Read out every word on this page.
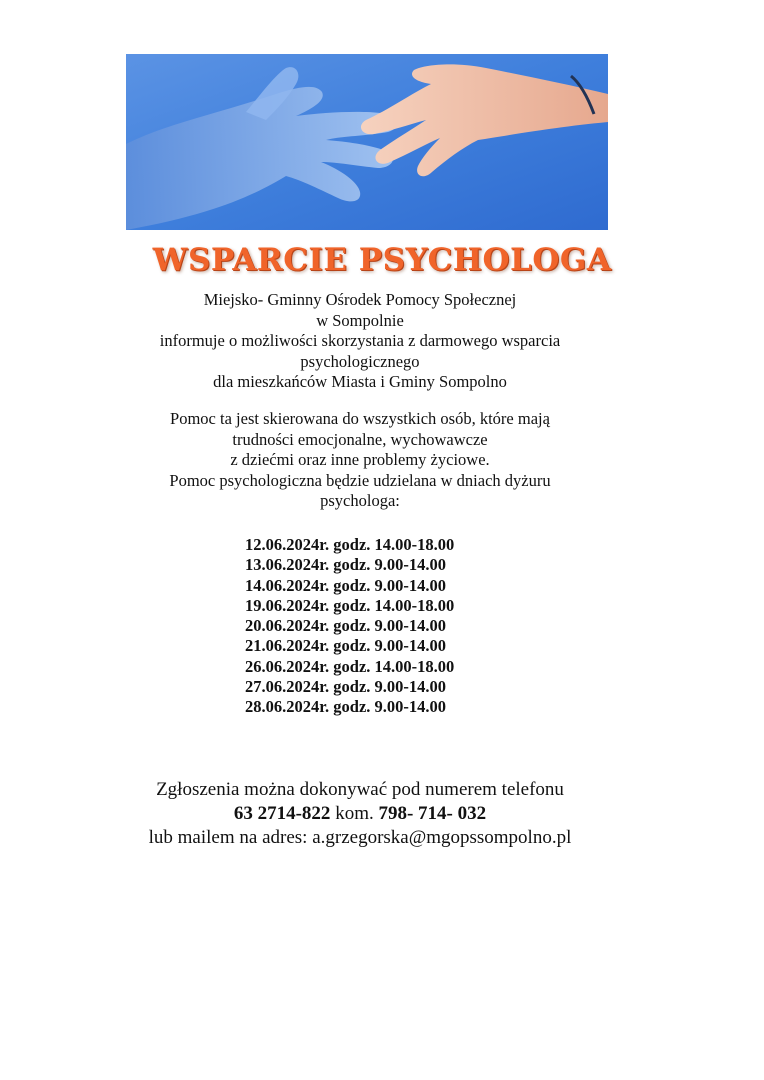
WSPARCIE PSYCHOLOGA
Miejsko- Gminny Ośrodek Pomocy Społecznej
w Sompolnie
informuje o możliwości skorzystania z darmowego wsparcia
psychologicznego
dla mieszkańców Miasta i Gminy Sompolno
Pomoc ta jest skierowana do wszystkich osób, które mają
trudności emocjonalne, wychowawcze
z dziećmi oraz inne problemy życiowe.
Pomoc psychologiczna będzie udzielana w dniach dyżuru
psychologa:
12.06.2024r. godz. 14.00-18.00
13.06.2024r. godz. 9.00-14.00
14.06.2024r. godz. 9.00-14.00
19.06.2024r. godz. 14.00-18.00
20.06.2024r. godz. 9.00-14.00
21.06.2024r. godz. 9.00-14.00
26.06.2024r. godz. 14.00-18.00
27.06.2024r. godz. 9.00-14.00
28.06.2024r. godz. 9.00-14.00
Zgłoszenia można dokonywać pod numerem telefonu
63 2714-822 kom. 798- 714- 032
lub mailem na adres: a.grzegorska@mgopssompolno.pl
